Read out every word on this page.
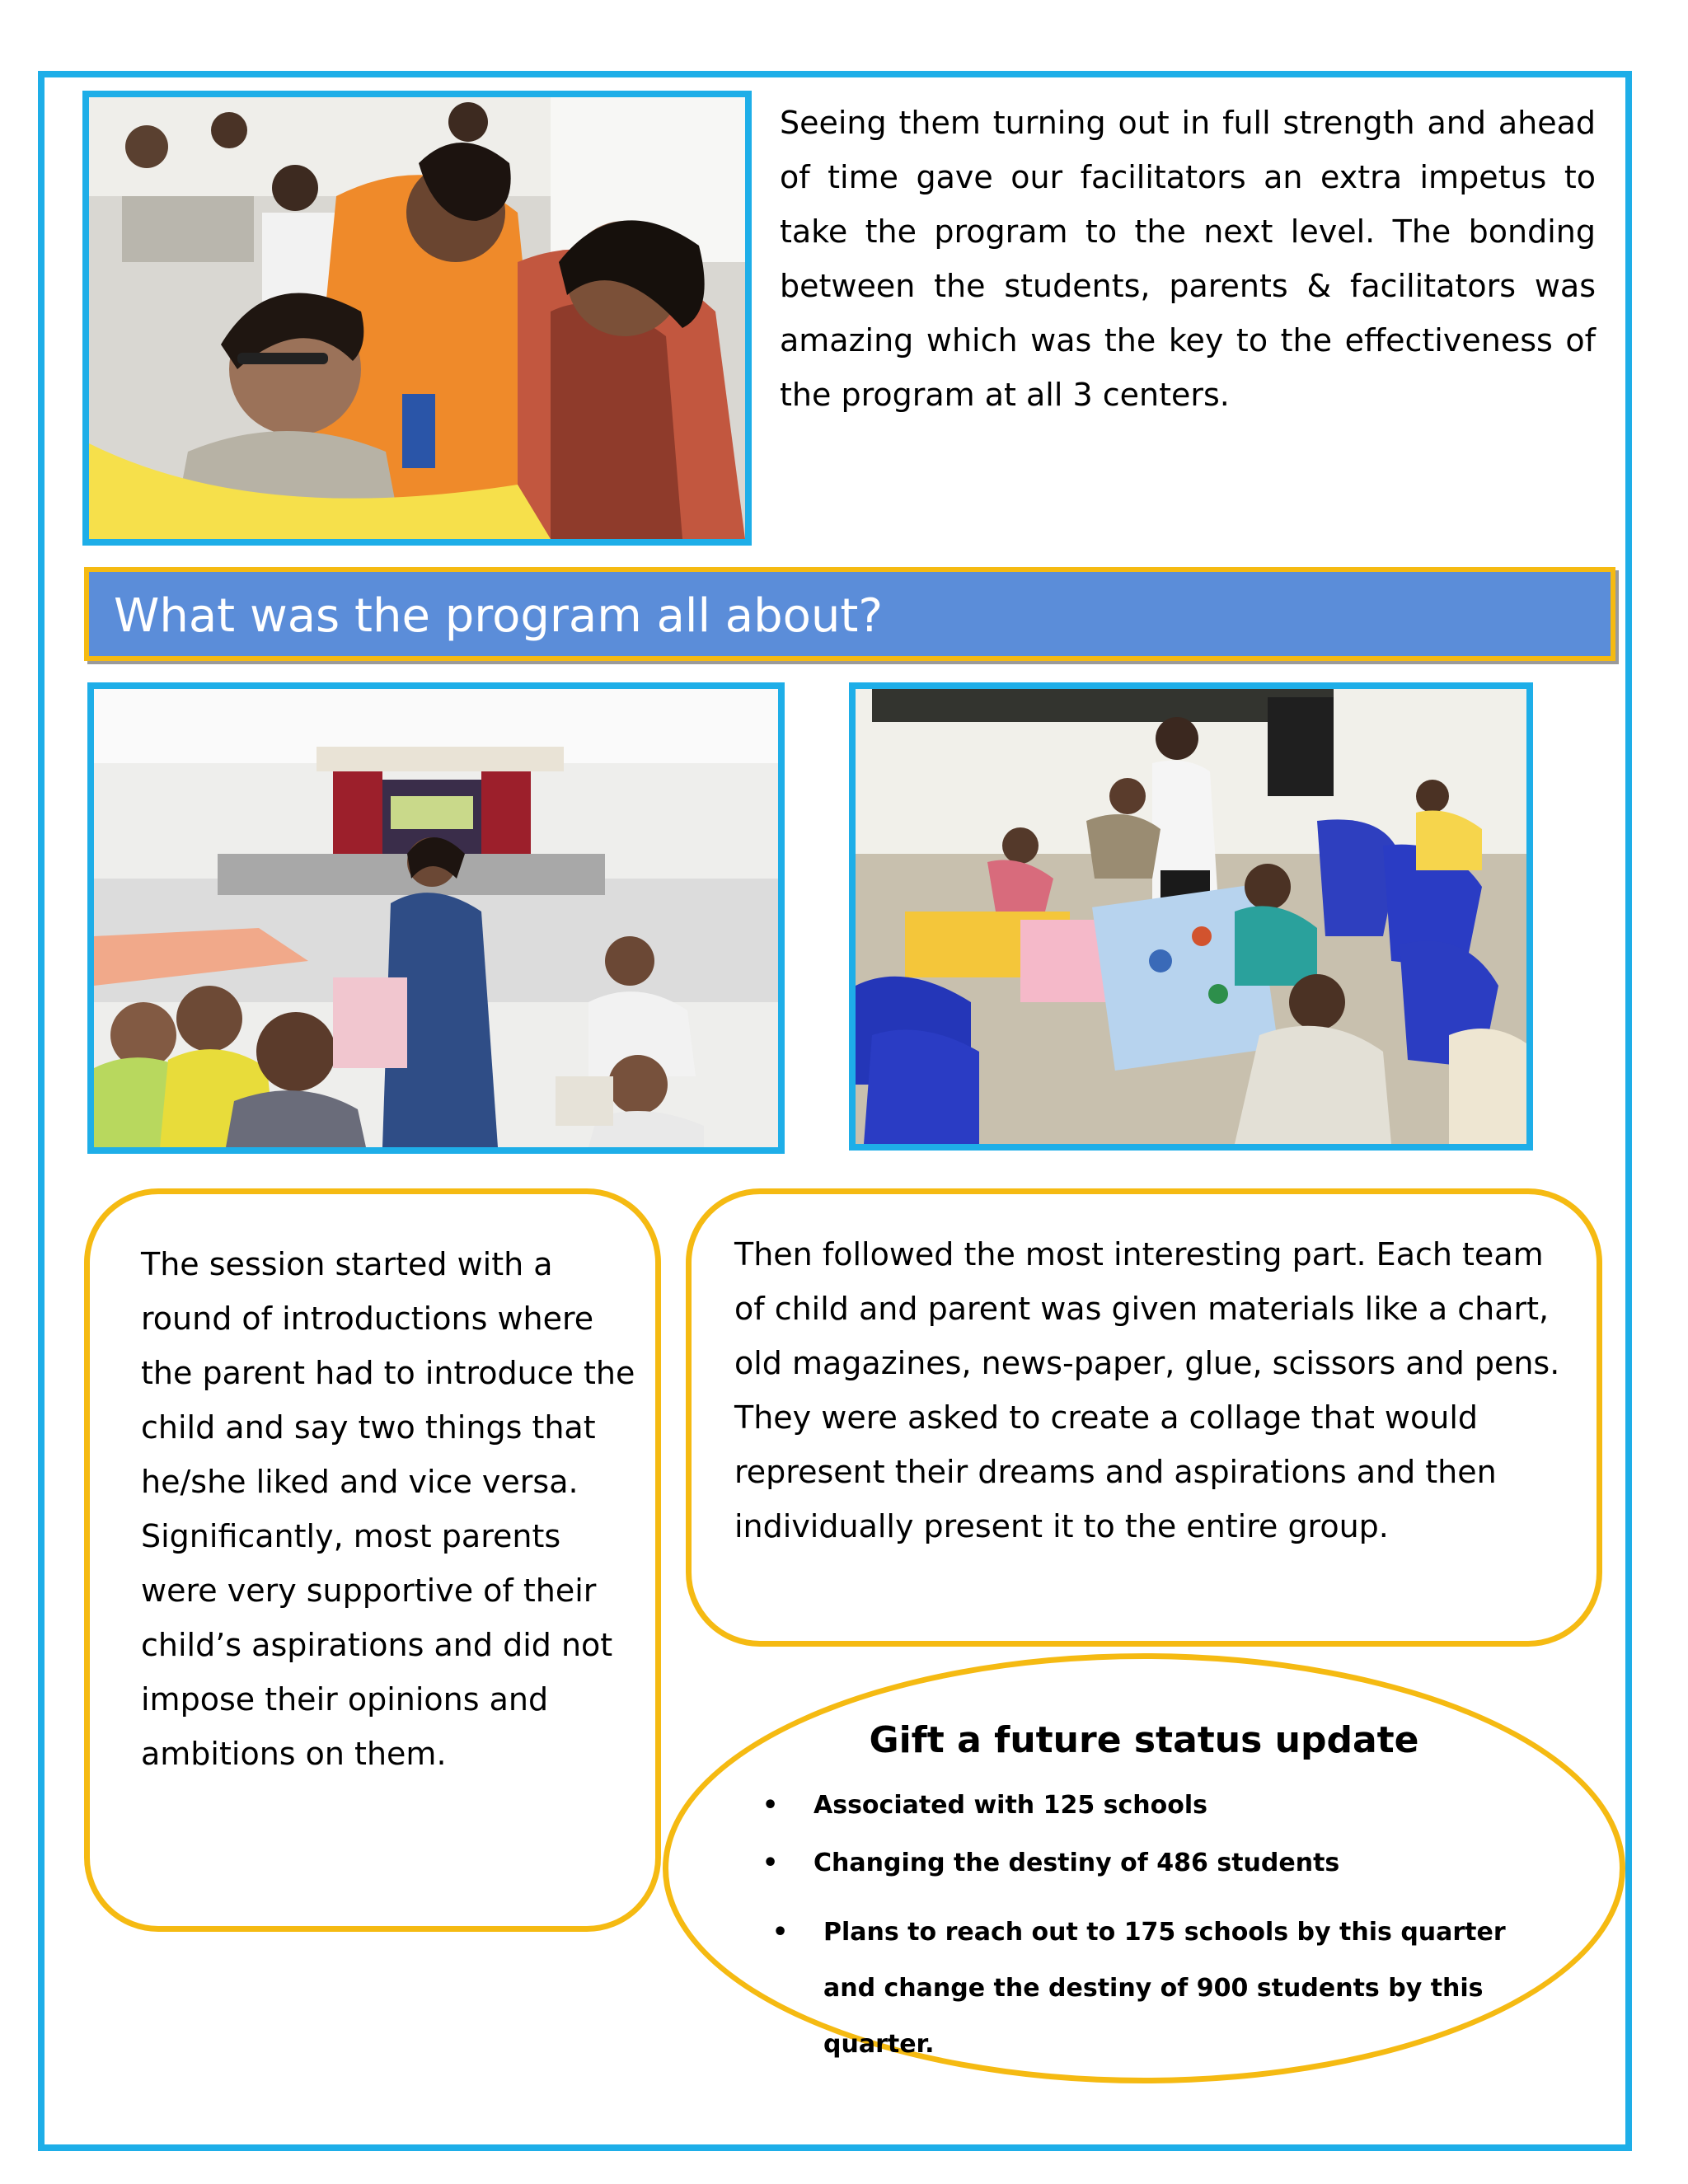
Seeing them turning out in full strength and ahead of time gave our facilitators an extra impetus to take the program to the next level. The bonding between the students, parents & facilitators was amazing which was the key to the effectiveness of the program at all 3 centers.

What was the program all about?

The session started with a round of introductions where the parent had to introduce the child and say two things that he/she liked and vice versa. Significantly, most parents were very supportive of their child’s aspirations and did not impose their opinions and ambitions on them.

Then followed the most interesting part. Each team of child and parent was given materials like a chart, old magazines, news-paper, glue, scissors and pens. They were asked to create a collage that would represent their dreams and aspirations and then individually present it to the entire group.

Gift a future status update
• Associated with 125 schools
• Changing the destiny of 486 students
• Plans to reach out to 175 schools by this quarter and change the destiny of 900 students by this quarter.
